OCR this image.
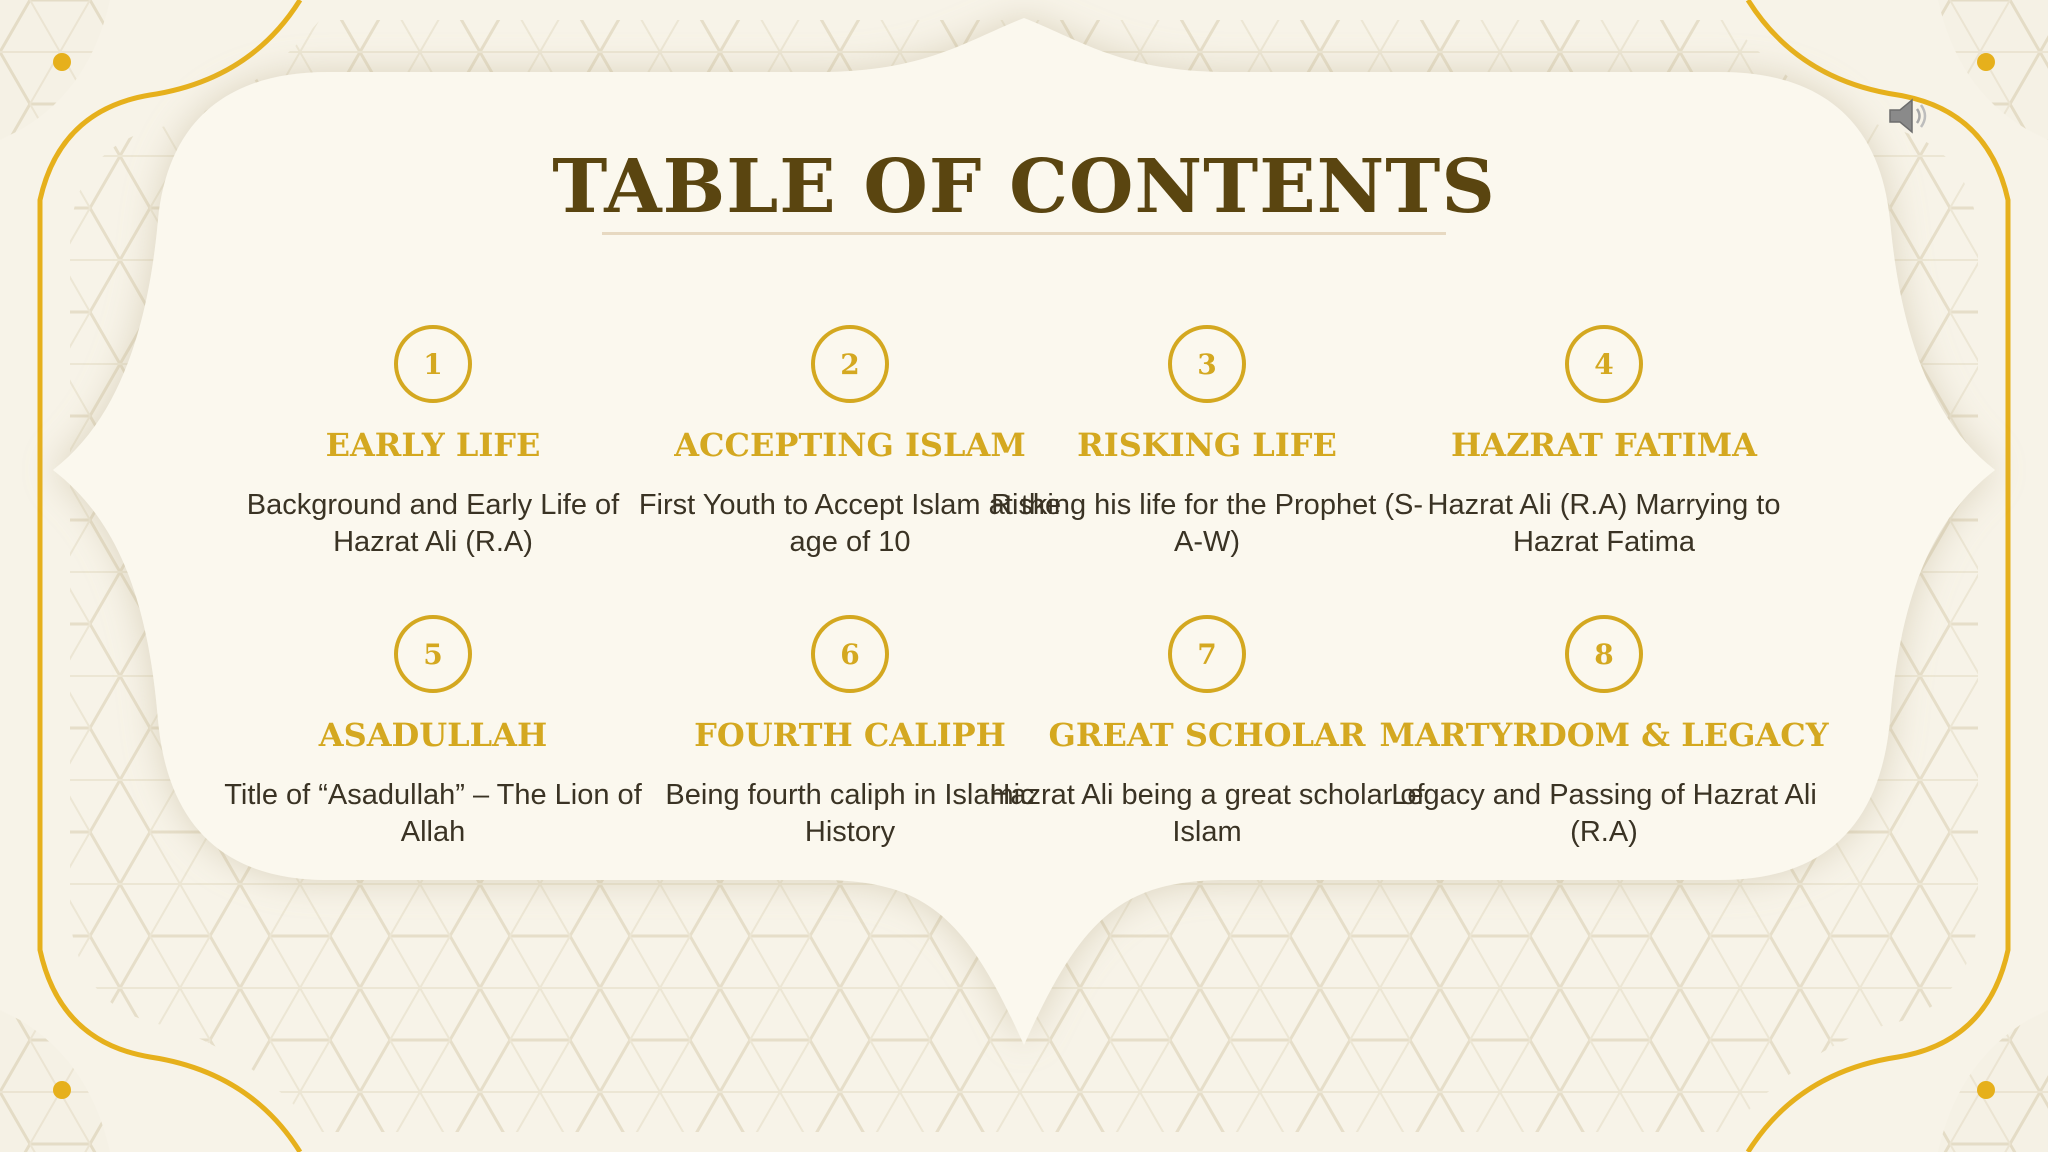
TABLE OF CONTENTS
1
EARLY LIFE
Background and Early Life of Hazrat Ali (R.A)
2
ACCEPTING ISLAM
First Youth to Accept Islam at the age of 10
3
RISKING LIFE
Risking his life for the Prophet (S-A-W)
4
HAZRAT FATIMA
Hazrat Ali (R.A) Marrying to Hazrat Fatima
5
ASADULLAH
Title of “Asadullah” – The Lion of Allah
6
FOURTH CALIPH
Being fourth caliph in Islamic History
7
GREAT SCHOLAR
Hazrat Ali being a great scholar of Islam
8
MARTYRDOM & LEGACY
Legacy and Passing of Hazrat Ali (R.A)
